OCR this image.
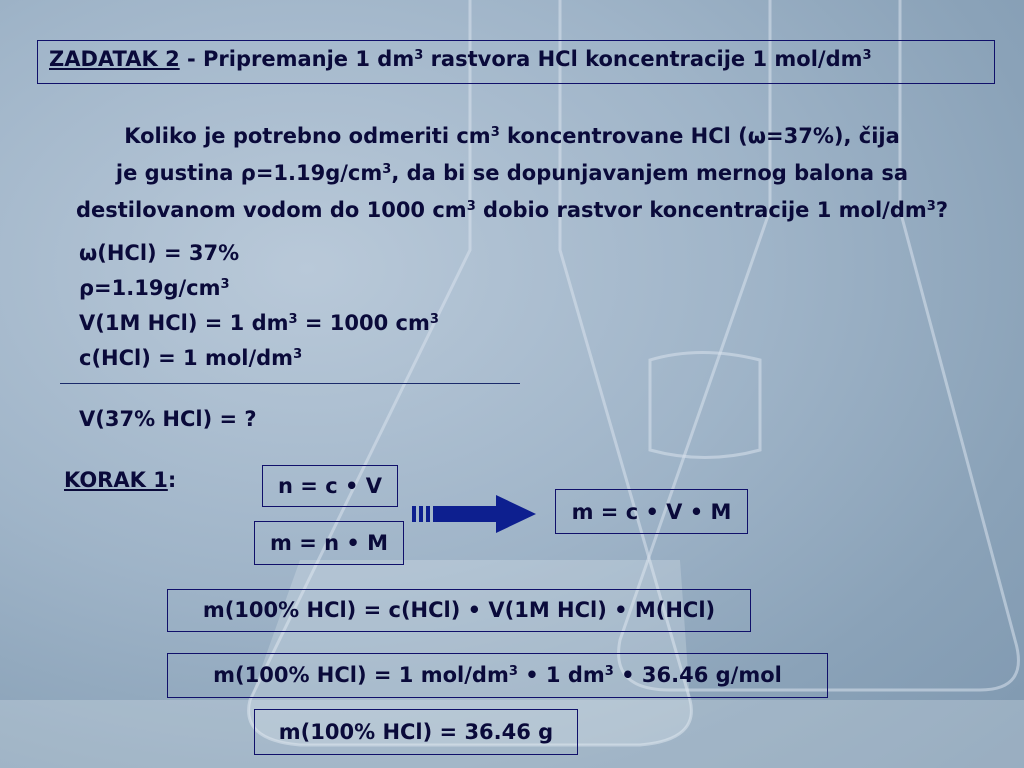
ZADATAK 2 - Pripremanje 1 $dm^3$ rastvora HCl koncentracije 1 mol/$dm^3$
Koliko je potrebno odmeriti $cm^3$ koncentrovane HCl (ω=37%), čija
je gustina $\rho=1.19g/cm^3$, da bi se dopunjavanjem mernog balona sa
destilovanom vodom do 1000 $cm^3$ dobio rastvor koncentracije 1 mol/$dm^3$?
ω(HCl) = 37%
$\rho=1.19g/cm^3$
V(1M HCl) = 1 $dm^3 = 1000$ $cm^3$
c(HCl) = 1 mol/$dm^3$
V(37% HCl) = ?
KORAK 1:	n = c • V
m = n • M
m = c • V • M
m(100% HCl) = c(HCl) • V(1M HCl) • M(HCl)
m(100% HCl) = 1 mol/$dm^3$ • 1 $dm^3$ • 36.46 g/mol
m(100% HCl) = 36.46 g
